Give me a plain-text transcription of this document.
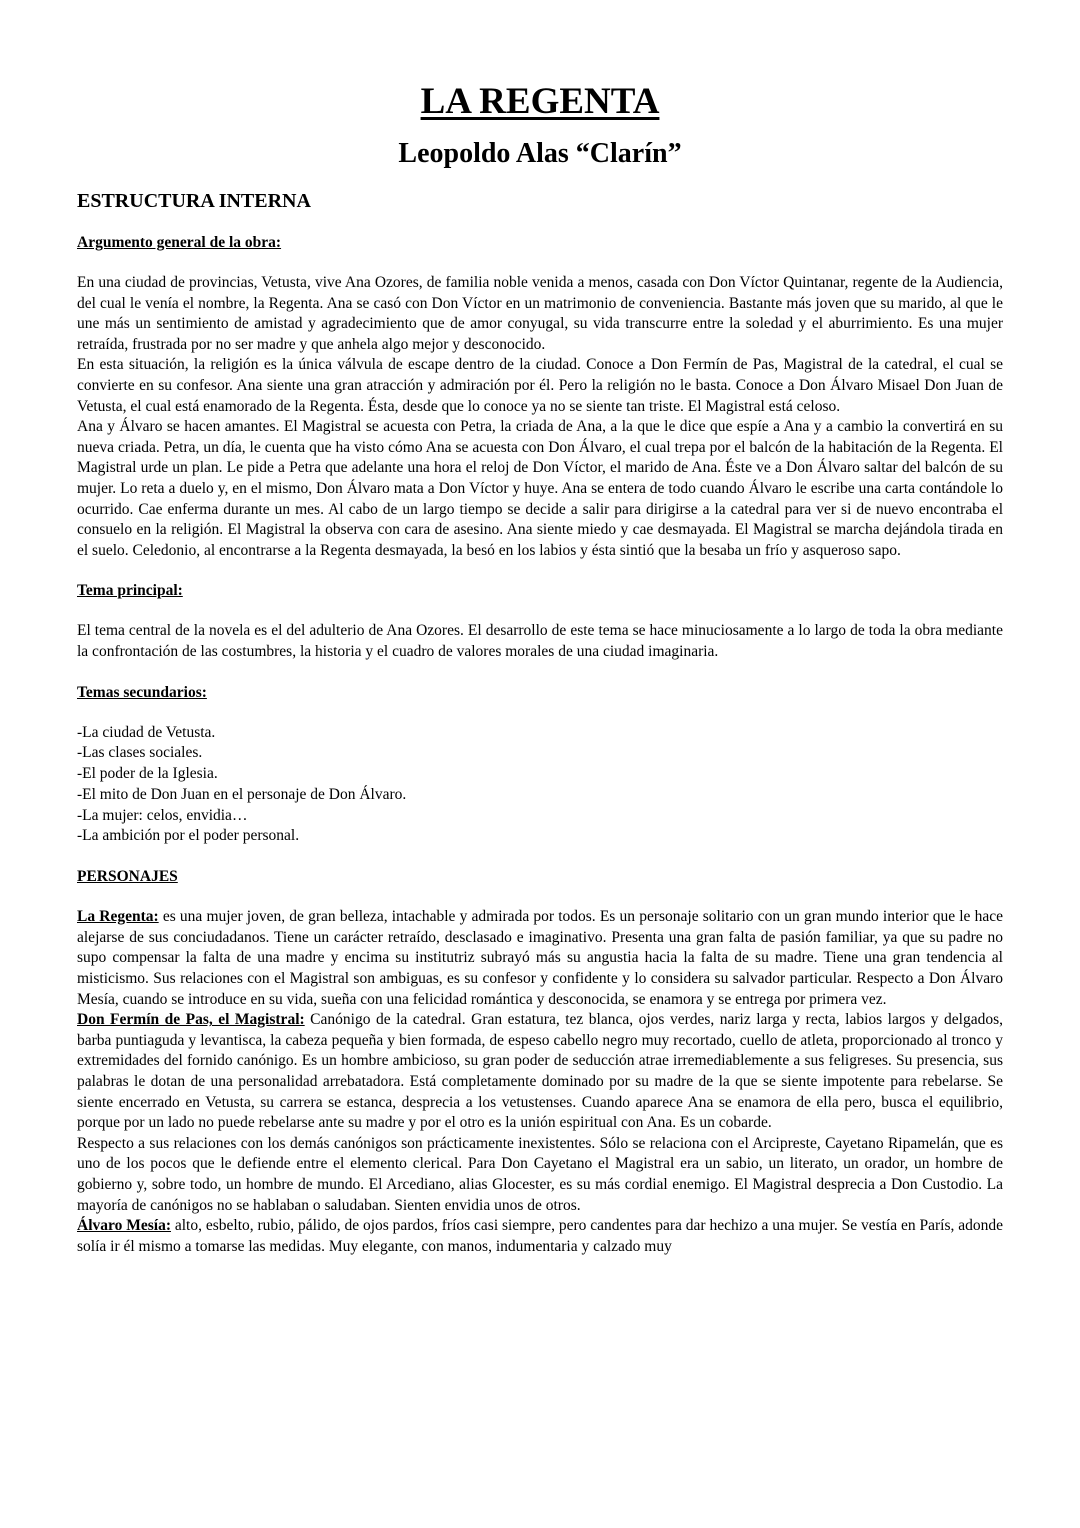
LA REGENTA
Leopoldo Alas “Clarín”
ESTRUCTURA INTERNA
Argumento general de la obra:

En una ciudad de provincias, Vetusta, vive Ana Ozores, de familia noble venida a menos, casada con Don Víctor Quintanar, regente de la Audiencia, del cual le venía el nombre, la Regenta. Ana se casó con Don Víctor en un matrimonio de conveniencia. Bastante más joven que su marido, al que le une más un sentimiento de amistad y agradecimiento que de amor conyugal, su vida transcurre entre la soledad y el aburrimiento. Es una mujer retraída, frustrada por no ser madre y que anhela algo mejor y desconocido.

En esta situación, la religión es la única válvula de escape dentro de la ciudad. Conoce a Don Fermín de Pas, Magistral de la catedral, el cual se convierte en su confesor. Ana siente una gran atracción y admiración por él. Pero la religión no le basta. Conoce a Don Álvaro Misael Don Juan de Vetusta, el cual está enamorado de la Regenta. Ésta, desde que lo conoce ya no se siente tan triste. El Magistral está celoso.

Ana y Álvaro se hacen amantes. El Magistral se acuesta con Petra, la criada de Ana, a la que le dice que espíe a Ana y a cambio la convertirá en su nueva criada. Petra, un día, le cuenta que ha visto cómo Ana se acuesta con Don Álvaro, el cual trepa por el balcón de la habitación de la Regenta. El Magistral urde un plan. Le pide a Petra que adelante una hora el reloj de Don Víctor, el marido de Ana. Éste ve a Don Álvaro saltar del balcón de su mujer. Lo reta a duelo y, en el mismo, Don Álvaro mata a Don Víctor y huye. Ana se entera de todo cuando Álvaro le escribe una carta contándole lo ocurrido. Cae enferma durante un mes. Al cabo de un largo tiempo se decide a salir para dirigirse a la catedral para ver si de nuevo encontraba el consuelo en la religión. El Magistral la observa con cara de asesino. Ana siente miedo y cae desmayada. El Magistral se marcha dejándola tirada en el suelo. Celedonio, al encontrarse a la Regenta desmayada, la besó en los labios y ésta sintió que la besaba un frío y asqueroso sapo.

Tema principal:

El tema central de la novela es el del adulterio de Ana Ozores. El desarrollo de este tema se hace minuciosamente a lo largo de toda la obra mediante la confrontación de las costumbres, la historia y el cuadro de valores morales de una ciudad imaginaria.

Temas secundarios:
-La ciudad de Vetusta.
-Las clases sociales.
-El poder de la Iglesia.
-El mito de Don Juan en el personaje de Don Álvaro.
-La mujer: celos, envidia…
-La ambición por el poder personal.
PERSONAJES

La Regenta: es una mujer joven, de gran belleza, intachable y admirada por todos. Es un personaje solitario con un gran mundo interior que le hace alejarse de sus conciudadanos. Tiene un carácter retraído, desclasado e imaginativo. Presenta una gran falta de pasión familiar, ya que su padre no supo compensar la falta de una madre y encima su institutriz subrayó más su angustia hacia la falta de su madre. Tiene una gran tendencia al misticismo. Sus relaciones con el Magistral son ambiguas, es su confesor y confidente y lo considera su salvador particular. Respecto a Don Álvaro Mesía, cuando se introduce en su vida, sueña con una felicidad romántica y desconocida, se enamora y se entrega por primera vez.

Don Fermín de Pas, el Magistral: Canónigo de la catedral. Gran estatura, tez blanca, ojos verdes, nariz larga y recta, labios largos y delgados, barba puntiaguda y levantisca, la cabeza pequeña y bien formada, de espeso cabello negro muy recortado, cuello de atleta, proporcionado al tronco y extremidades del fornido canónigo. Es un hombre ambicioso, su gran poder de seducción atrae irremediablemente a sus feligreses. Su presencia, sus palabras le dotan de una personalidad arrebatadora. Está completamente dominado por su madre de la que se siente impotente para rebelarse. Se siente encerrado en Vetusta, su carrera se estanca, desprecia a los vetustenses. Cuando aparece Ana se enamora de ella pero, busca el equilibrio, porque por un lado no puede rebelarse ante su madre y por el otro es la unión espiritual con Ana. Es un cobarde.

Respecto a sus relaciones con los demás canónigos son prácticamente inexistentes. Sólo se relaciona con el Arcipreste, Cayetano Ripamelán, que es uno de los pocos que le defiende entre el elemento clerical. Para Don Cayetano el Magistral era un sabio, un literato, un orador, un hombre de gobierno y, sobre todo, un hombre de mundo. El Arcediano, alias Glocester, es su más cordial enemigo. El Magistral desprecia a Don Custodio. La mayoría de canónigos no se hablaban o saludaban. Sienten envidia unos de otros.

Álvaro Mesía: alto, esbelto, rubio, pálido, de ojos pardos, fríos casi siempre, pero candentes para dar hechizo a una mujer. Se vestía en París, adonde solía ir él mismo a tomarse las medidas. Muy elegante, con manos, indumentaria y calzado muy
